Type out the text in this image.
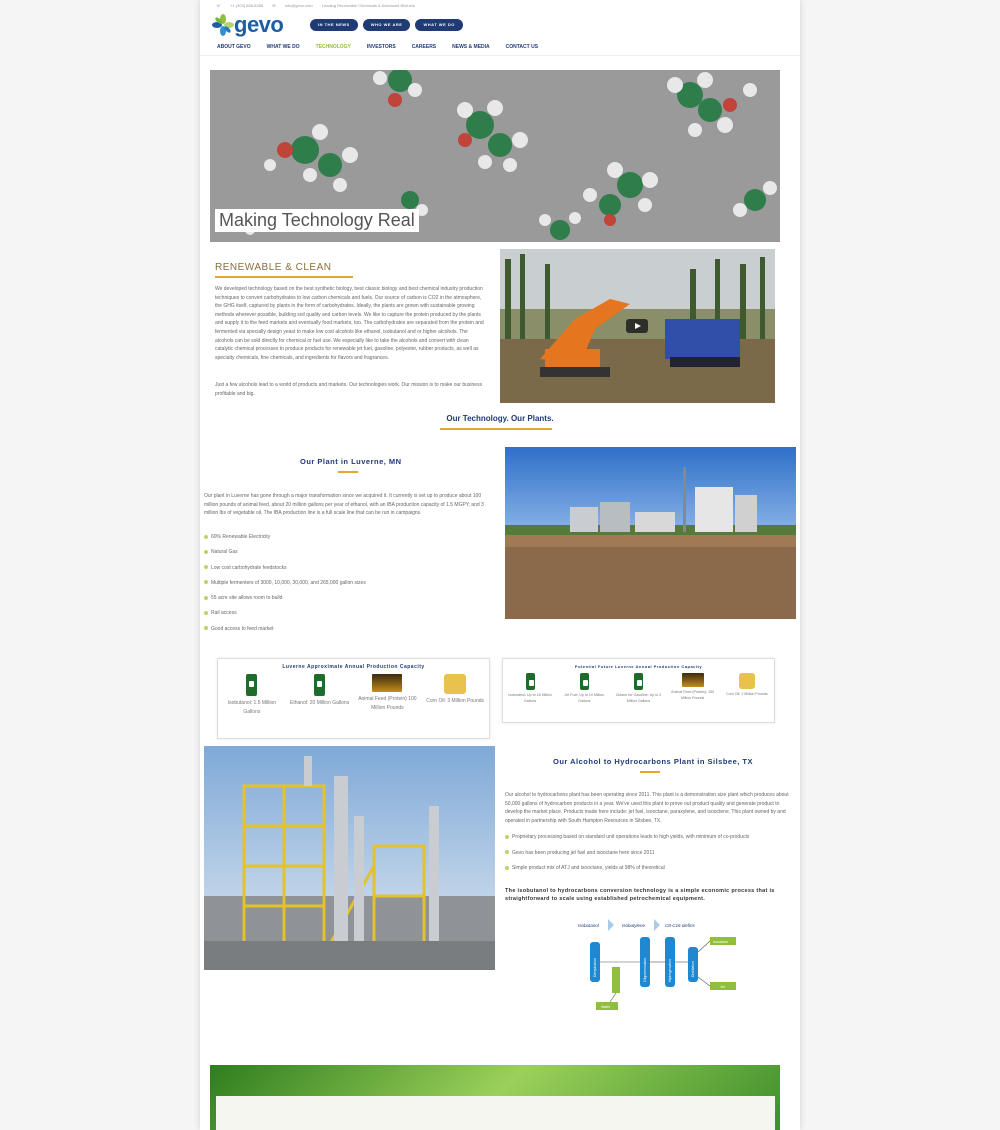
☏ +1 (303) 858-8358 ✉ info@gevo.com Leading Renewable Chemicals & Advanced Biofuels
gevo	IN THE NEWS	WHO WE ARE	WHAT WE DO
ABOUT GEVO	WHAT WE DO	TECHNOLOGY	INVESTORS	CAREERS	NEWS & MEDIA	CONTACT US
Making Technology Real
RENEWABLE & CLEAN
We developed technology based on the best synthetic biology, best classic biology and best chemical industry production techniques to convert carbohydrates to low carbon chemicals and fuels. Our source of carbon is CO2 in the atmosphere, the GHG itself, captured by plants in the form of carbohydrates. Ideally, the plants are grown with sustainable growing methods wherever possible, building soil quality and carbon levels. We like to capture the protein produced by the plants and supply it to the feed markets and eventually food markets, too. The carbohydrates are separated from the protein and fermented via specially design yeast to make low cost alcohols like ethanol, isobutanol and or higher alcohols. The alcohols can be sold directly for chemical or fuel use. We especially like to take the alcohols and convert with clean catalytic chemical processes to produce products for renewable jet fuel, gasoline, polyester, rubber products, as well as specialty chemicals, fine chemicals, and ingredients for flavors and fragrances.
Just a few alcohols lead to a world of products and markets. Our technologies work. Our mission is to make our business profitable and big.
Our Technology. Our Plants.
Our Plant in Luverne, MN
Our plant in Luverne has gone through a major transformation since we acquired it. It currently is set up to produce about 100 million pounds of animal feed, about 20 million gallons per year of ethanol, with an IBA production capacity of 1.5 MGPY, and 3 million lbs of vegetable oil. The IBA production line is a full scale line that can be run in campaigns.
60% Renewable Electricity
Natural Gas
Low cost carbohydrate feedstocks
Multiple fermenters of 3000, 10,000, 30,000, and 265,000 gallon sizes
55 acre site allows room to build
Rail access
Good access to feed market
Luverne Approximate Annual Production Capacity
Isobutanol: 1.5 Million Gallons
Ethanol: 20 Million Gallons
Animal Feed (Protein) 100 Million Pounds
Corn Oil: 3 Million Pounds
Potential Future Luverne Annual Production Capacity
Isobutanol: Up to 18 Million Gallons
Jet Fuel: Up to 10 Million Gallons
Octane for Gasoline: Up to 2 Million Gallons
Animal Feed (Protein): 150 Million Pounds
Corn Oil: 1 Million Pounds
Our Alcohol to Hydrocarbons Plant in Silsbee, TX
Our alcohol to hydrocarbons plant has been operating since 2011. This plant is a demonstration size plant which produces about 50,000 gallons of hydrocarbon products in a year. We've used this plant to prove out product quality and generate product to develop the market place. Products made here include: jet fuel, isooctane, paraxylene, and isooctene. This plant owned by and operated in partnership with South Hampton Resources in Silsbee, TX.
Proprietary processing based on standard unit operations leads to high yields, with minimum of co-products
Gevo has been producing jet fuel and isooctane here since 2011
Simple product mix of ATJ and isooctane, yields at 98% of theoretical
The isobutanol to hydrocarbons conversion technology is a simple economic process that is straightforward to scale using established petrochemical equipment.
Isobutanol	Isobutylene	C8-C16 olefins
Dehydration	Oligomerization	Hydrogenation	Distillation
Isooctane
Jet
Water
